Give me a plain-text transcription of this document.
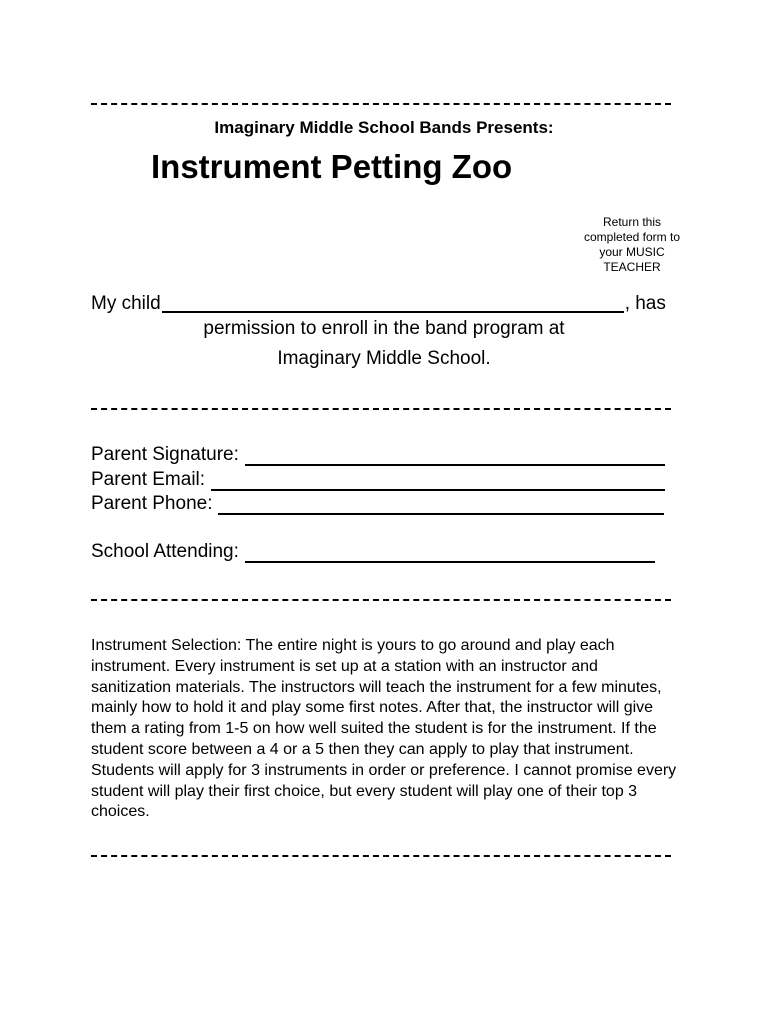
Imaginary Middle School Bands Presents:
Instrument Petting Zoo
Return this completed form to your MUSIC TEACHER
My child	, has
permission to enroll in the band program at
Imaginary Middle School.
Parent Signature:
Parent Email:
Parent Phone:
School Attending:
Instrument Selection: The entire night is yours to go around and play each instrument. Every instrument is set up at a station with an instructor and sanitization materials. The instructors will teach the instrument for a few minutes, mainly how to hold it and play some first notes. After that, the instructor will give them a rating from 1-5 on how well suited the student is for the instrument. If the student score between a 4 or a 5 then they can apply to play that instrument. Students will apply for 3 instruments in order or preference. I cannot promise every student will play their first choice, but every student will play one of their top 3 choices.
